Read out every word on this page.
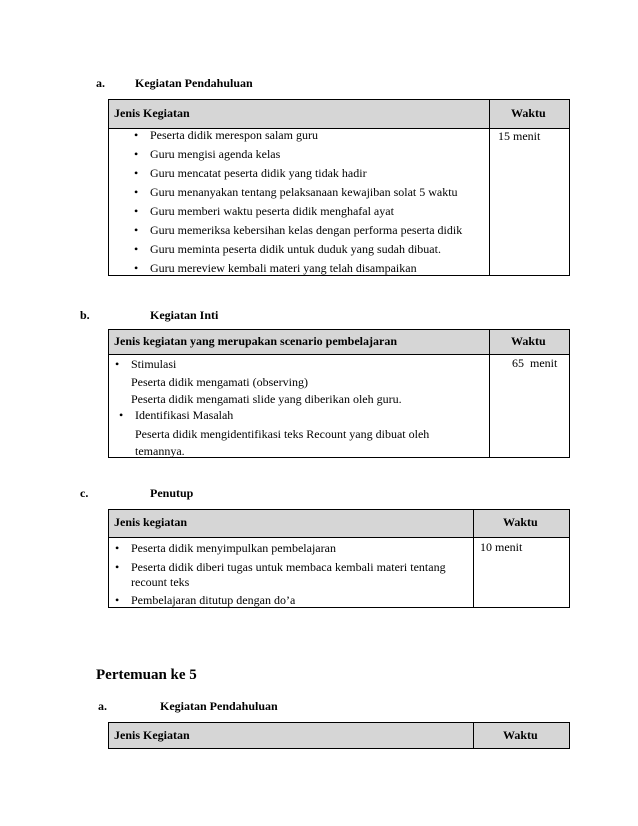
a.	Kegiatan Pendahuluan
Jenis Kegiatan	Waktu
• Peserta didik merespon salam guru
• Guru mengisi agenda kelas
• Guru mencatat peserta didik yang tidak hadir
• Guru menanyakan tentang pelaksanaan kewajiban solat 5 waktu
• Guru memberi waktu peserta didik menghafal ayat
• Guru memeriksa kebersihan kelas dengan performa peserta didik
• Guru meminta peserta didik untuk duduk yang sudah dibuat.
• Guru mereview kembali materi yang telah disampaikan
15 menit
b.	Kegiatan Inti
Jenis kegiatan yang merupakan scenario pembelajaran	Waktu
• Stimulasi
Peserta didik mengamati (observing)
Peserta didik mengamati slide yang diberikan oleh guru.
• Identifikasi Masalah
Peserta didik mengidentifikasi teks Recount yang dibuat oleh
temannya.
65  menit
c.	Penutup
Jenis kegiatan	Waktu
• Peserta didik menyimpulkan pembelajaran
• Peserta didik diberi tugas untuk membaca kembali materi tentang
recount teks
• Pembelajaran ditutup dengan do’a
10 menit
Pertemuan ke 5
a.	Kegiatan Pendahuluan
Jenis Kegiatan	Waktu
